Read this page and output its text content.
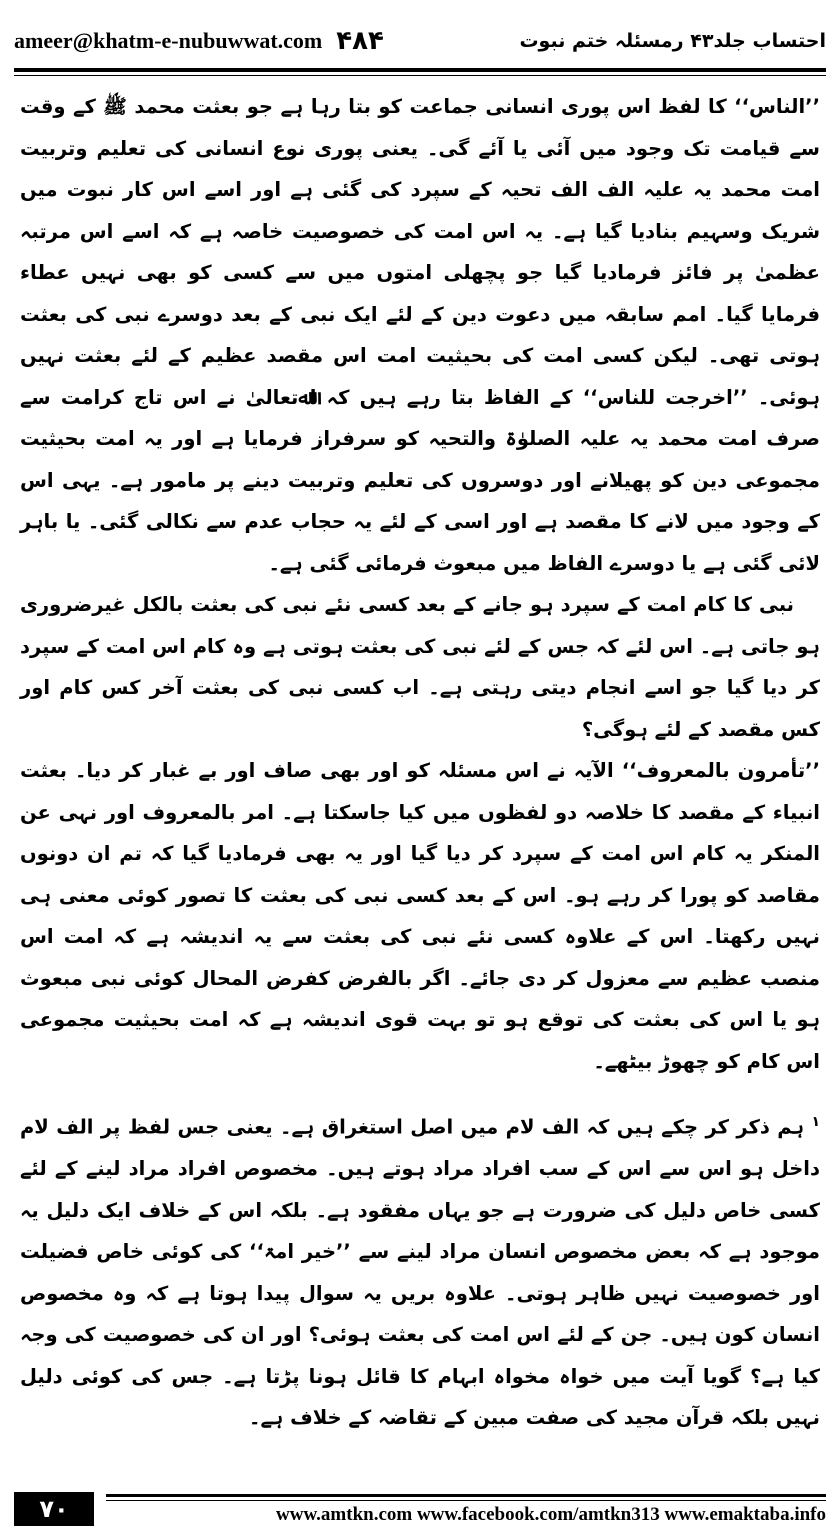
ameer@khatm-e-nubuwwat.com ۴۸۴	احتساب جلد۴۳ رمسئلہ ختم نبوت

’’الناس‘‘ کا لفظ اس پوری انسانی جماعت کو بتا رہا ہے جو بعثت محمد ﷺ کے وقت سے قیامت تک وجود میں آئی یا آئے گی۔ یعنی پوری نوع انسانی کی تعلیم وتربیت امت محمد یہ علیہ الف الف تحیہ کے سپرد کی گئی ہے اور اسے اس کار نبوت میں شریک وسہیم بنادیا گیا ہے۔ یہ اس امت کی خصوصیت خاصہ ہے کہ اسے اس مرتبہ عظمیٰ پر فائز فرمادیا گیا جو پچھلی امتوں میں سے کسی کو بھی نہیں عطاء فرمایا گیا۔ امم سابقہ میں دعوت دین کے لئے ایک نبی کے بعد دوسرے نبی کی بعثت ہوتی تھی۔ لیکن کسی امت کی بحیثیت امت اس مقصد عظیم کے لئے بعثت نہیں ہوئی۔ ’’اخرجت للناس‘‘ کے الفاظ بتا رہے ہیں کہ اﷲتعالیٰ نے اس تاج کرامت سے صرف امت محمد یہ علیہ الصلوٰۃ والتحیہ کو سرفراز فرمایا ہے اور یہ امت بحیثیت مجموعی دین کو پھیلانے اور دوسروں کی تعلیم وتربیت دینے پر مامور ہے۔ یہی اس کے وجود میں لانے کا مقصد ہے اور اسی کے لئے یہ حجاب عدم سے نکالی گئی۔ یا باہر لائی گئی ہے یا دوسرے الفاظ میں مبعوث فرمائی گئی ہے۔

نبی کا کام امت کے سپرد ہو جانے کے بعد کسی نئے نبی کی بعثت بالکل غیرضروری ہو جاتی ہے۔ اس لئے کہ جس کے لئے نبی کی بعثت ہوتی ہے وہ کام اس امت کے سپرد کر دیا گیا جو اسے انجام دیتی رہتی ہے۔ اب کسی نبی کی بعثت آخر کس کام اور کس مقصد کے لئے ہوگی؟

’’تأمرون بالمعروف‘‘ الآیہ نے اس مسئلہ کو اور بھی صاف اور بے غبار کر دیا۔ بعثت انبیاء کے مقصد کا خلاصہ دو لفظوں میں کیا جاسکتا ہے۔ امر بالمعروف اور نہی عن المنکر یہ کام اس امت کے سپرد کر دیا گیا اور یہ بھی فرمادیا گیا کہ تم ان دونوں مقاصد کو پورا کر رہے ہو۔ اس کے بعد کسی نبی کی بعثت کا تصور کوئی معنی ہی نہیں رکھتا۔ اس کے علاوہ کسی نئے نبی کی بعثت سے یہ اندیشہ ہے کہ امت اس منصب عظیم سے معزول کر دی جائے۔ اگر بالفرض کفرض المحال کوئی نبی مبعوث ہو یا اس کی بعثت کی توقع ہو تو بہت قوی اندیشہ ہے کہ امت بحیثیت مجموعی اس کام کو چھوڑ بیٹھے۔

$^۱$ ہم ذکر کر چکے ہیں کہ الف لام میں اصل استغراق ہے۔ یعنی جس لفظ پر الف لام داخل ہو اس سے اس کے سب افراد مراد ہوتے ہیں۔ مخصوص افراد مراد لینے کے لئے کسی خاص دلیل کی ضرورت ہے جو یہاں مفقود ہے۔ بلکہ اس کے خلاف ایک دلیل یہ موجود ہے کہ بعض مخصوص انسان مراد لینے سے ’’خیر امۃ‘‘ کی کوئی خاص فضیلت اور خصوصیت نہیں ظاہر ہوتی۔ علاوہ بریں یہ سوال پیدا ہوتا ہے کہ وہ مخصوص انسان کون ہیں۔ جن کے لئے اس امت کی بعثت ہوئی؟ اور ان کی خصوصیت کی وجہ کیا ہے؟ گویا آیت میں خواہ مخواہ ابہام کا قائل ہونا پڑتا ہے۔ جس کی کوئی دلیل نہیں بلکہ قرآن مجید کی صفت مبین کے تقاضہ کے خلاف ہے۔

۷۰	www.amtkn.com www.facebook.com/amtkn313 www.emaktaba.info
